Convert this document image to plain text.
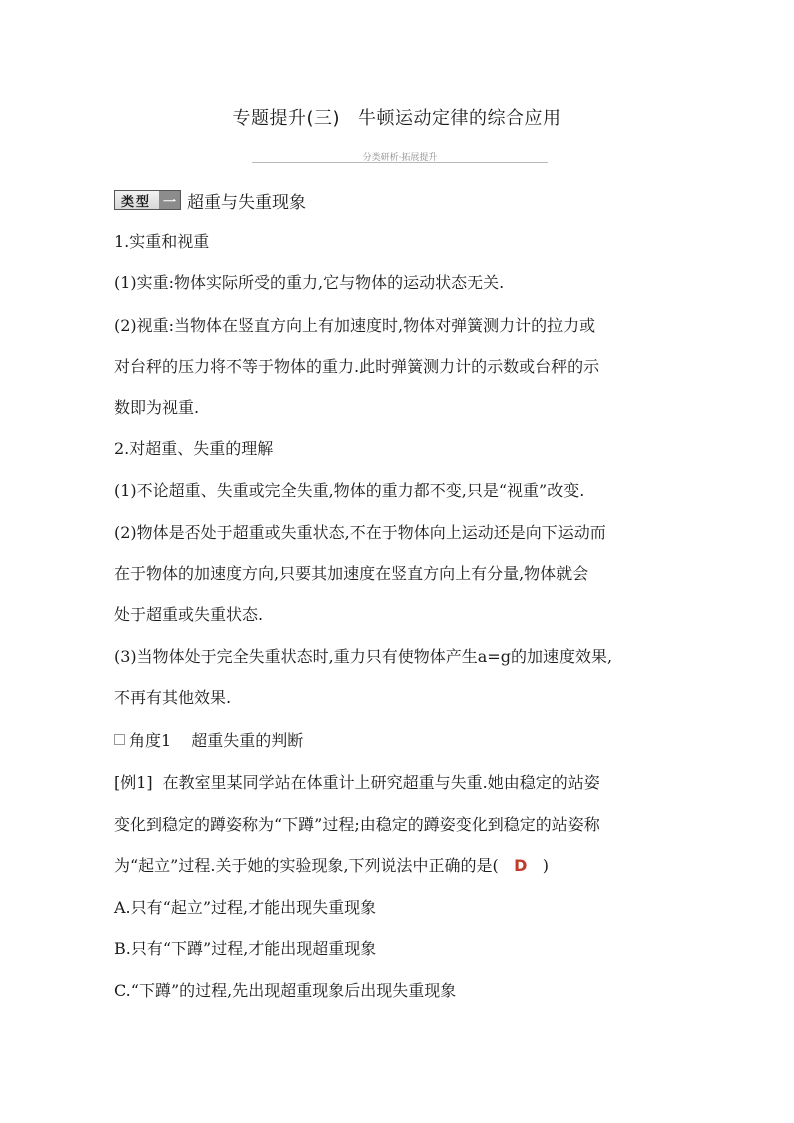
专题提升(三) 牛顿运动定律的综合应用
分类研析·拓展提升
类型 一 超重与失重现象
1.实重和视重
(1)实重:物体实际所受的重力,它与物体的运动状态无关.
(2)视重:当物体在竖直方向上有加速度时,物体对弹簧测力计的拉力或
对台秤的压力将不等于物体的重力.此时弹簧测力计的示数或台秤的示
数即为视重.
2.对超重、失重的理解
(1)不论超重、失重或完全失重,物体的重力都不变,只是“视重”改变.
(2)物体是否处于超重或失重状态,不在于物体向上运动还是向下运动而
在于物体的加速度方向,只要其加速度在竖直方向上有分量,物体就会
处于超重或失重状态.
(3)当物体处于完全失重状态时,重力只有使物体产生a=g的加速度效果,
不再有其他效果.
角度1 超重失重的判断
[例1] 在教室里某同学站在体重计上研究超重与失重.她由稳定的站姿
变化到稳定的蹲姿称为“下蹲”过程;由稳定的蹲姿变化到稳定的站姿称
为“起立”过程.关于她的实验现象,下列说法中正确的是( D )
A.只有“起立”过程,才能出现失重现象
B.只有“下蹲”过程,才能出现超重现象
C.“下蹲”的过程,先出现超重现象后出现失重现象
